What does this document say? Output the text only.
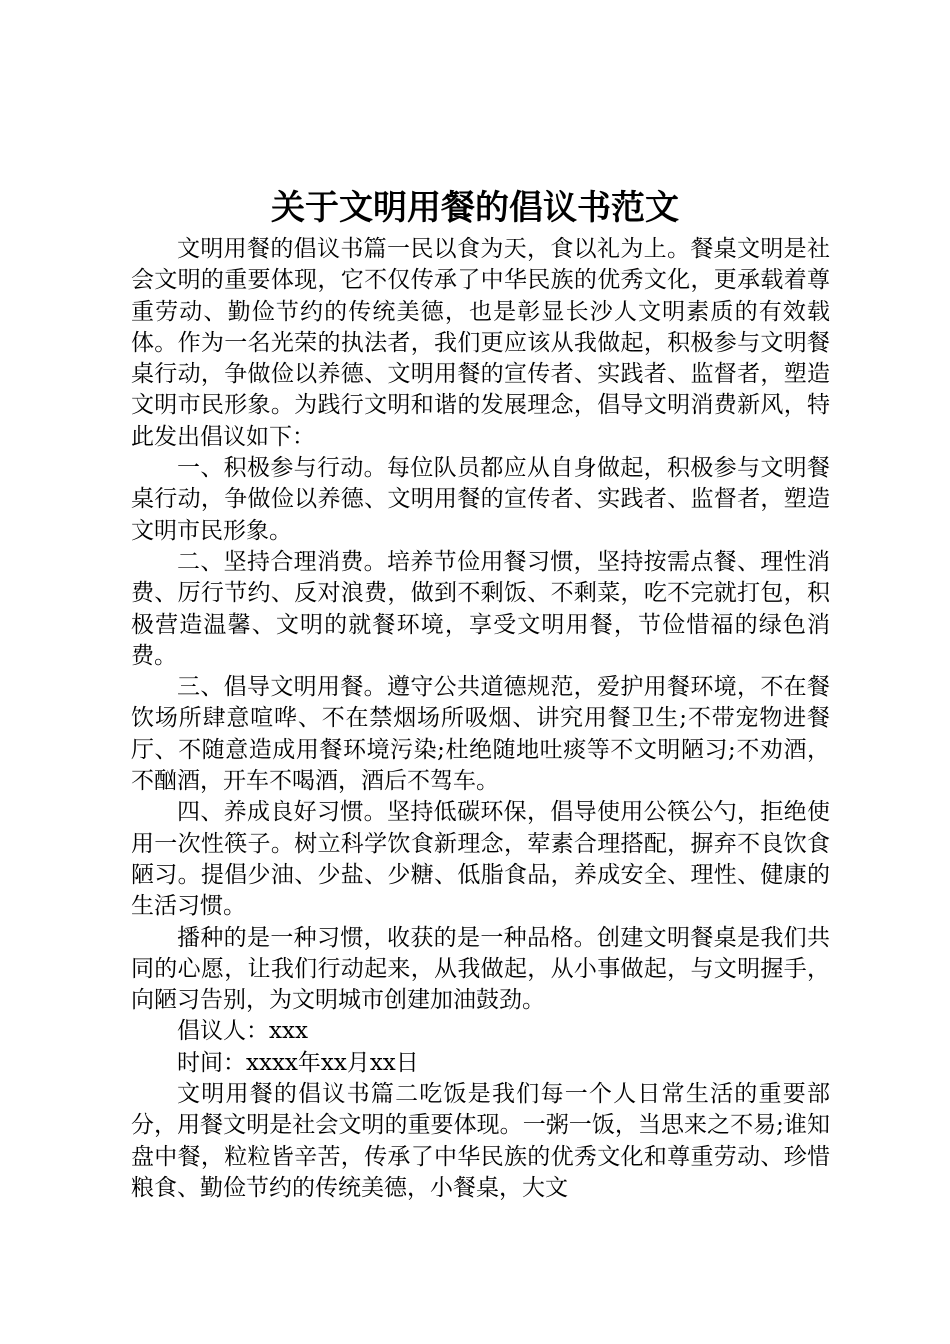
关于文明用餐的倡议书范文

文明用餐的倡议书篇一民以食为天，食以礼为上。餐桌文明是社会文明的重要体现，它不仅传承了中华民族的优秀文化，更承载着尊重劳动、勤俭节约的传统美德，也是彰显长沙人文明素质的有效载体。作为一名光荣的执法者，我们更应该从我做起，积极参与文明餐桌行动，争做俭以养德、文明用餐的宣传者、实践者、监督者，塑造文明市民形象。为践行文明和谐的发展理念，倡导文明消费新风，特此发出倡议如下：

一、积极参与行动。每位队员都应从自身做起，积极参与文明餐桌行动，争做俭以养德、文明用餐的宣传者、实践者、监督者，塑造文明市民形象。

二、坚持合理消费。培养节俭用餐习惯，坚持按需点餐、理性消费、厉行节约、反对浪费，做到不剩饭、不剩菜，吃不完就打包，积极营造温馨、文明的就餐环境，享受文明用餐，节俭惜福的绿色消费。

三、倡导文明用餐。遵守公共道德规范，爱护用餐环境，不在餐饮场所肆意喧哗、不在禁烟场所吸烟、讲究用餐卫生;不带宠物进餐厅、不随意造成用餐环境污染;杜绝随地吐痰等不文明陋习;不劝酒，不酗酒，开车不喝酒，酒后不驾车。

四、养成良好习惯。坚持低碳环保，倡导使用公筷公勺，拒绝使用一次性筷子。树立科学饮食新理念，荤素合理搭配，摒弃不良饮食陋习。提倡少油、少盐、少糖、低脂食品，养成安全、理性、健康的生活习惯。

播种的是一种习惯，收获的是一种品格。创建文明餐桌是我们共同的心愿，让我们行动起来，从我做起，从小事做起，与文明握手，向陋习告别，为文明城市创建加油鼓劲。

倡议人：xxx

时间：xxxx年xx月xx日

文明用餐的倡议书篇二吃饭是我们每一个人日常生活的重要部分，用餐文明是社会文明的重要体现。一粥一饭，当思来之不易;谁知盘中餐，粒粒皆辛苦，传承了中华民族的优秀文化和尊重劳动、珍惜粮食、勤俭节约的传统美德，小餐桌，大文
